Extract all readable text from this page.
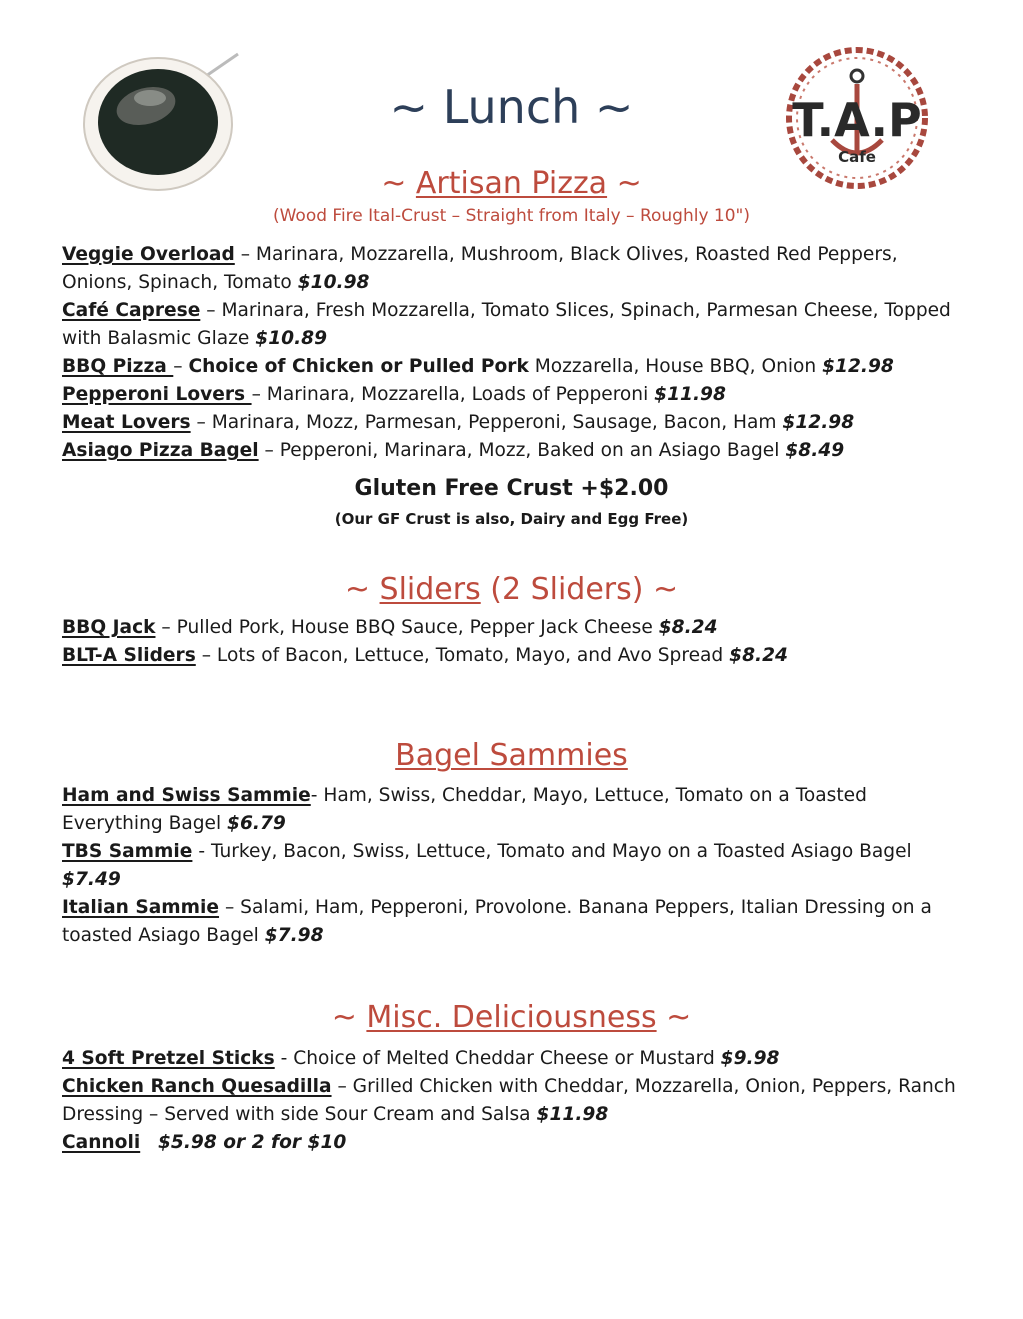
T.A.P
Cafe
~ Lunch ~
~ Artisan Pizza ~
(Wood Fire Ital-Crust – Straight from Italy – Roughly 10")

Veggie Overload – Marinara, Mozzarella, Mushroom, Black Olives, Roasted Red Peppers, Onions, Spinach, Tomato $10.98

Café Caprese – Marinara, Fresh Mozzarella, Tomato Slices, Spinach, Parmesan Cheese, Topped with Balasmic Glaze $10.89

BBQ Pizza – Choice of Chicken or Pulled Pork Mozzarella, House BBQ, Onion $12.98

Pepperoni Lovers – Marinara, Mozzarella, Loads of Pepperoni $11.98

Meat Lovers – Marinara, Mozz, Parmesan, Pepperoni, Sausage, Bacon, Ham $12.98

Asiago Pizza Bagel – Pepperoni, Marinara, Mozz, Baked on an Asiago Bagel $8.49

Gluten Free Crust +$2.00
(Our GF Crust is also, Dairy and Egg Free)
~ Sliders (2 Sliders) ~

BBQ Jack – Pulled Pork, House BBQ Sauce, Pepper Jack Cheese $8.24

BLT-A Sliders – Lots of Bacon, Lettuce, Tomato, Mayo, and Avo Spread $8.24

Bagel Sammies

Ham and Swiss Sammie- Ham, Swiss, Cheddar, Mayo, Lettuce, Tomato on a Toasted Everything Bagel $6.79

TBS Sammie - Turkey, Bacon, Swiss, Lettuce, Tomato and Mayo on a Toasted Asiago Bagel $7.49

Italian Sammie – Salami, Ham, Pepperoni, Provolone. Banana Peppers, Italian Dressing on a toasted Asiago Bagel $7.98

~ Misc. Deliciousness ~

4 Soft Pretzel Sticks - Choice of Melted Cheddar Cheese or Mustard $9.98

Chicken Ranch Quesadilla – Grilled Chicken with Cheddar, Mozzarella, Onion, Peppers, Ranch Dressing – Served with side Sour Cream and Salsa $11.98

Cannoli $5.98 or 2 for $10
